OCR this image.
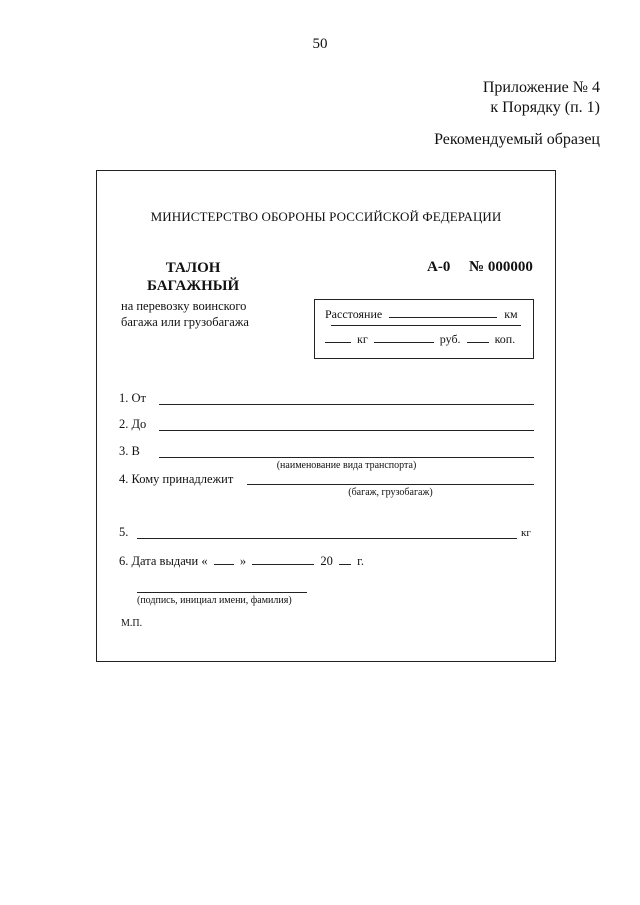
50
Приложение № 4
к Порядку (п. 1)
Рекомендуемый образец
МИНИСТЕРСТВО ОБОРОНЫ РОССИЙСКОЙ ФЕДЕРАЦИИ
ТАЛОН
БАГАЖНЫЙ
А-0 № 000000
на перевозку воинского
багажа или грузобагажа
Расстояние	км
кг	руб.	коп.
1. От
2. До
3. В
(наименование вида транспорта)
4. Кому принадлежит
(багаж, грузобагаж)
5.	кг
6. Дата выдачи «	»	20 г.
(подпись, инициал имени, фамилия)
М.П.
